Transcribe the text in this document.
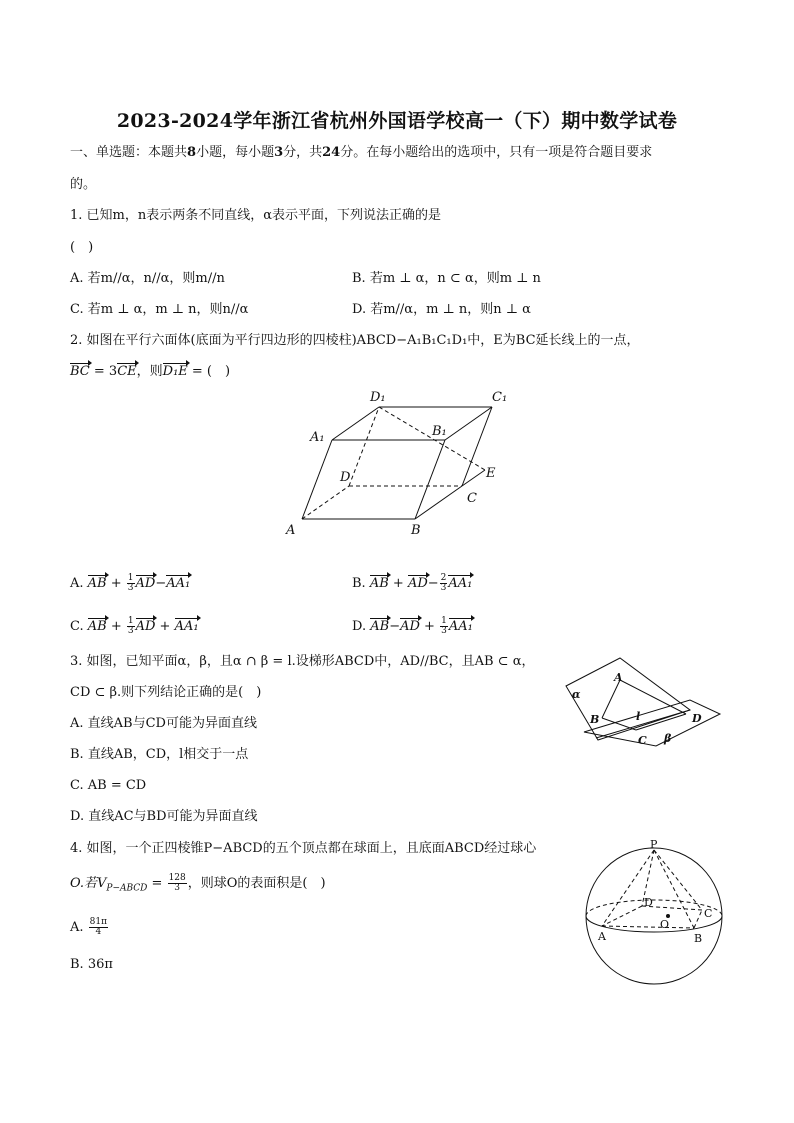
2023-2024学年浙江省杭州外国语学校高一（下）期中数学试卷
一、单选题：本题共8小题，每小题3分，共24分。在每小题给出的选项中，只有一项是符合题目要求
的。
1. 已知m，n表示两条不同直线，α表示平面，下列说法正确的是
(　)
A. 若m//α，n//α，则m//n	B. 若m ⊥ α，n ⊂ α，则m ⊥ n
C. 若m ⊥ α，m ⊥ n，则n//α	D. 若m//α，m ⊥ n，则n ⊥ α
2. 如图在平行六面体(底面为平行四边形的四棱柱)ABCD−A₁B₁C₁D₁中，E为BC延长线上的一点，
BC = 3CE，则D₁E = (　)
D₁	C₁
A₁	B₁
D	E
C
A	B
A. AB + $\frac{1}{3} AD-AA_1$	B. AB + $AD- \frac{2}{3} AA_1$
C. AB + $\frac{1}{3}$ AD + AA₁	D. $AB-AD + \frac{1}{3} AA_1$
3. 如图，已知平面α，β，且α ∩ β = l.设梯形ABCD中，AD//BC，且AB ⊂ α，
CD ⊂ β.则下列结论正确的是(　)
A. 直线AB与CD可能为异面直线
B. 直线AB，CD，l相交于一点
C. AB = CD
D. 直线AC与BD可能为异面直线
α
A
B	l	D
C β
4. 如图，一个正四棱锥P−ABCD的五个顶点都在球面上，且底面ABCD经过球心
O.若$V_{P-ABCD} = \frac{128}{3}$ ，则球O的表面积是(　)
A. $\frac{81\pi}{4}$
B. 36π
P
D
C
O
A	B
